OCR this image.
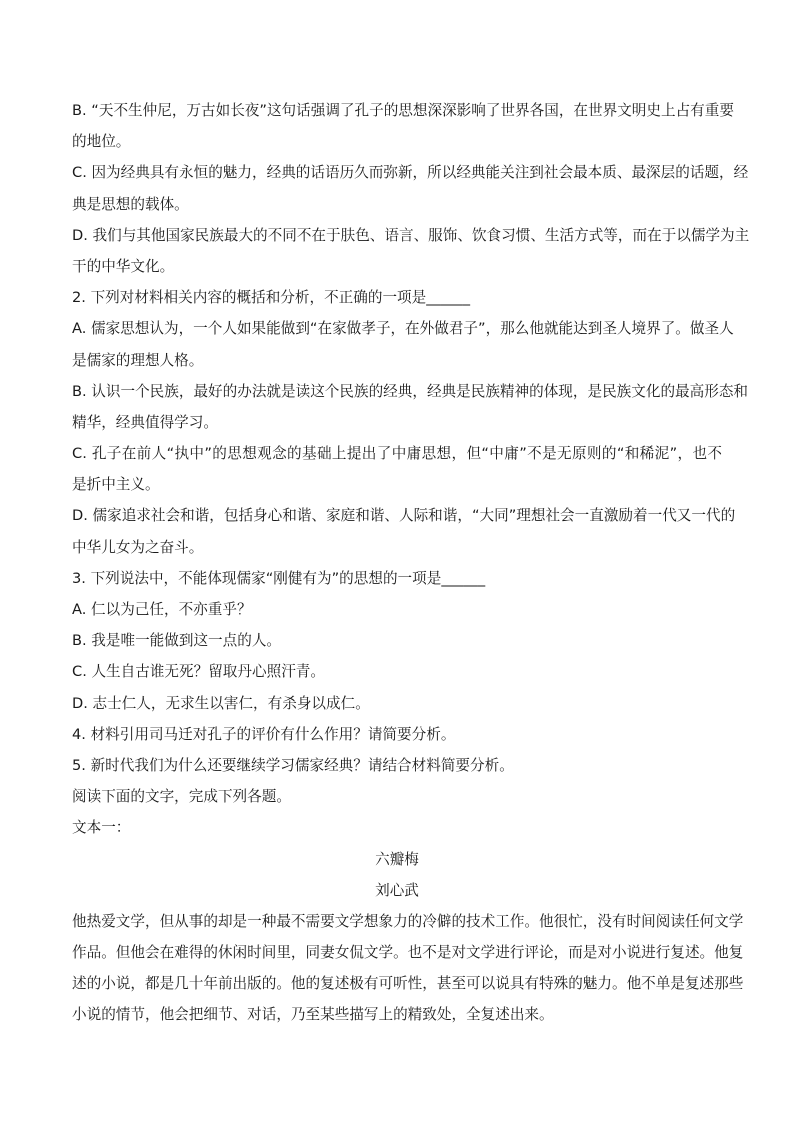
B. “天不生仲尼，万古如长夜”这句话强调了孔子的思想深深影响了世界各国，在世界文明史上占有重要
的地位。
C. 因为经典具有永恒的魅力，经典的话语历久而弥新，所以经典能关注到社会最本质、最深层的话题，经
典是思想的载体。
D. 我们与其他国家民族最大的不同不在于肤色、语言、服饰、饮食习惯、生活方式等，而在于以儒学为主
干的中华文化。
2. 下列对材料相关内容的概括和分析，不正确的一项是______
A. 儒家思想认为，一个人如果能做到“在家做孝子，在外做君子”，那么他就能达到圣人境界了。做圣人
是儒家的理想人格。
B. 认识一个民族，最好的办法就是读这个民族的经典，经典是民族精神的体现，是民族文化的最高形态和
精华，经典值得学习。
C. 孔子在前人“执中”的思想观念的基础上提出了中庸思想，但“中庸”不是无原则的“和稀泥”，也不
是折中主义。
D. 儒家追求社会和谐，包括身心和谐、家庭和谐、人际和谐，“大同”理想社会一直激励着一代又一代的
中华儿女为之奋斗。
3. 下列说法中，不能体现儒家“刚健有为”的思想的一项是______
A. 仁以为己任，不亦重乎？
B. 我是唯一能做到这一点的人。
C. 人生自古谁无死？留取丹心照汗青。
D. 志士仁人，无求生以害仁，有杀身以成仁。
4. 材料引用司马迁对孔子的评价有什么作用？请简要分析。
5. 新时代我们为什么还要继续学习儒家经典？请结合材料简要分析。
阅读下面的文字，完成下列各题。
文本一：
六瓣梅
刘心武
他热爱文学，但从事的却是一种最不需要文学想象力的冷僻的技术工作。他很忙，没有时间阅读任何文学
作品。但他会在难得的休闲时间里，同妻女侃文学。也不是对文学进行评论，而是对小说进行复述。他复
述的小说，都是几十年前出版的。他的复述极有可听性，甚至可以说具有特殊的魅力。他不单是复述那些
小说的情节，他会把细节、对话，乃至某些描写上的精致处，全复述出来。
